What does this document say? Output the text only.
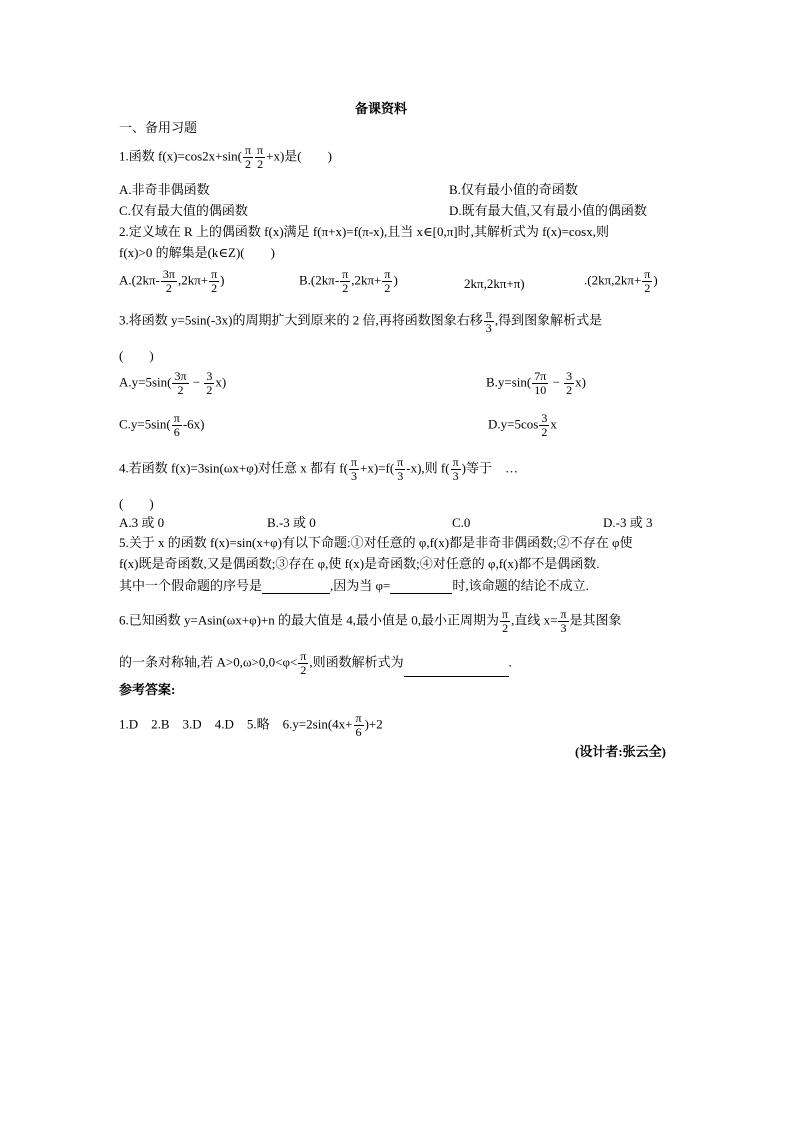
备课资料
一、备用习题
1.函数 $f(x)=\cos 2x+\sin( \frac{\pi}{2} \frac{\pi}{2} +x)$是(　　)
A.非奇非偶函数	B.仅有最小值的奇函数
C.仅有最大值的偶函数	D.既有最大值,又有最小值的偶函数
2.定义域在 R 上的偶函数 f(x)满足 f(π+x)=f(π-x),且当 x∈[0,π]时,其解析式为 f(x)=cosx,则
f(x)>0 的解集是(k∈Z)(　　)
$A.(2k\pi- \frac{3\pi}{2} ,2k\pi+ \frac{\pi}{2}$ )	$B.(2k\pi- \frac{\pi}{2} ,2k\pi+ \frac{\pi}{2}$ )	2kπ,2kπ+π)	$.(2k\pi,2k\pi+ \frac{\pi}{2}$ )
3.将函数 y=5sin(-3x)的周期扩大到原来的 2 倍,再将函数图象右移 $\frac{\pi}{3}$ ,得到图象解析式是
(　　)
$A.y=5\sin( \frac{3\pi}{2} - \frac{3}{2} x)$	$B.y=\sin( \frac{7\pi}{10} - \frac{3}{2} x)$
$C.y=5\sin( \frac{\pi}{6} -6x)$	$D.y=5\cos \frac{3}{2}$ x
4.若函数 f(x)=3sin(ωx+φ)对任意 x 都有 $f( \frac{\pi}{3} +x)=f( \frac{\pi}{3} -x)$,则 $f( \frac{\pi}{3}$ )等于　…
(　　)
A.3 或 0	B.-3 或 0	C.0	D.-3 或 3
5.关于 x 的函数 f(x)=sin(x+φ)有以下命题:①对任意的 φ,f(x)都是非奇非偶函数;②不存在 φ使
f(x)既是奇函数,又是偶函数;③存在 φ,使 f(x)是奇函数;④对任意的 φ,f(x)都不是偶函数.
其中一个假命题的序号是	,因为当 φ=	时,该命题的结论不成立.
6.已知函数 y=Asin(ωx+φ)+n 的最大值是 4,最小值是 0,最小正周期为 $\frac{\pi}{2}$ ,直线 $x= \frac{\pi}{3}$ 是其图象
的一条对称轴,若 $A>0,\omega>0,0<\varphi< \frac{\pi}{2}$ ,则函数解析式为	.
参考答案:
1.D　2.B　3.D　4.D　5.略　$6.y=2\sin(4x+ \frac{\pi}{6} )+2$
(设计者:张云全)
